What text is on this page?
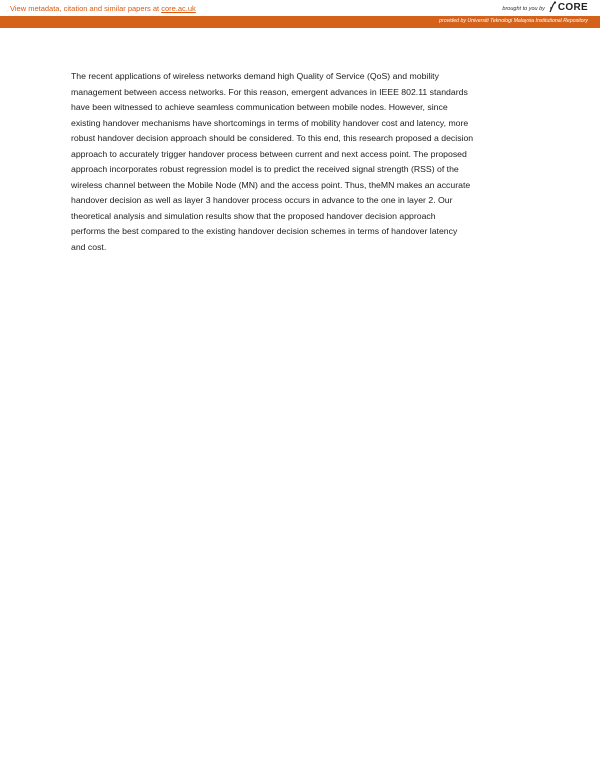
View metadata, citation and similar papers at core.ac.uk	brought to you by CORE
provided by Universiti Teknologi Malaysia Institutional Repository
The recent applications of wireless networks demand high Quality of Service (QoS) and mobility
management between access networks. For this reason, emergent advances in IEEE 802.11 standards
have been witnessed to achieve seamless communication between mobile nodes. However, since
existing handover mechanisms have shortcomings in terms of mobility handover cost and latency, more
robust handover decision approach should be considered. To this end, this research proposed a decision
approach to accurately trigger handover process between current and next access point. The proposed
approach incorporates robust regression model is to predict the received signal strength (RSS) of the
wireless channel between the Mobile Node (MN) and the access point. Thus, theMN makes an accurate
handover decision as well as layer 3 handover process occurs in advance to the one in layer 2. Our
theoretical analysis and simulation results show that the proposed handover decision approach
performs the best compared to the existing handover decision schemes in terms of handover latency
and cost.
